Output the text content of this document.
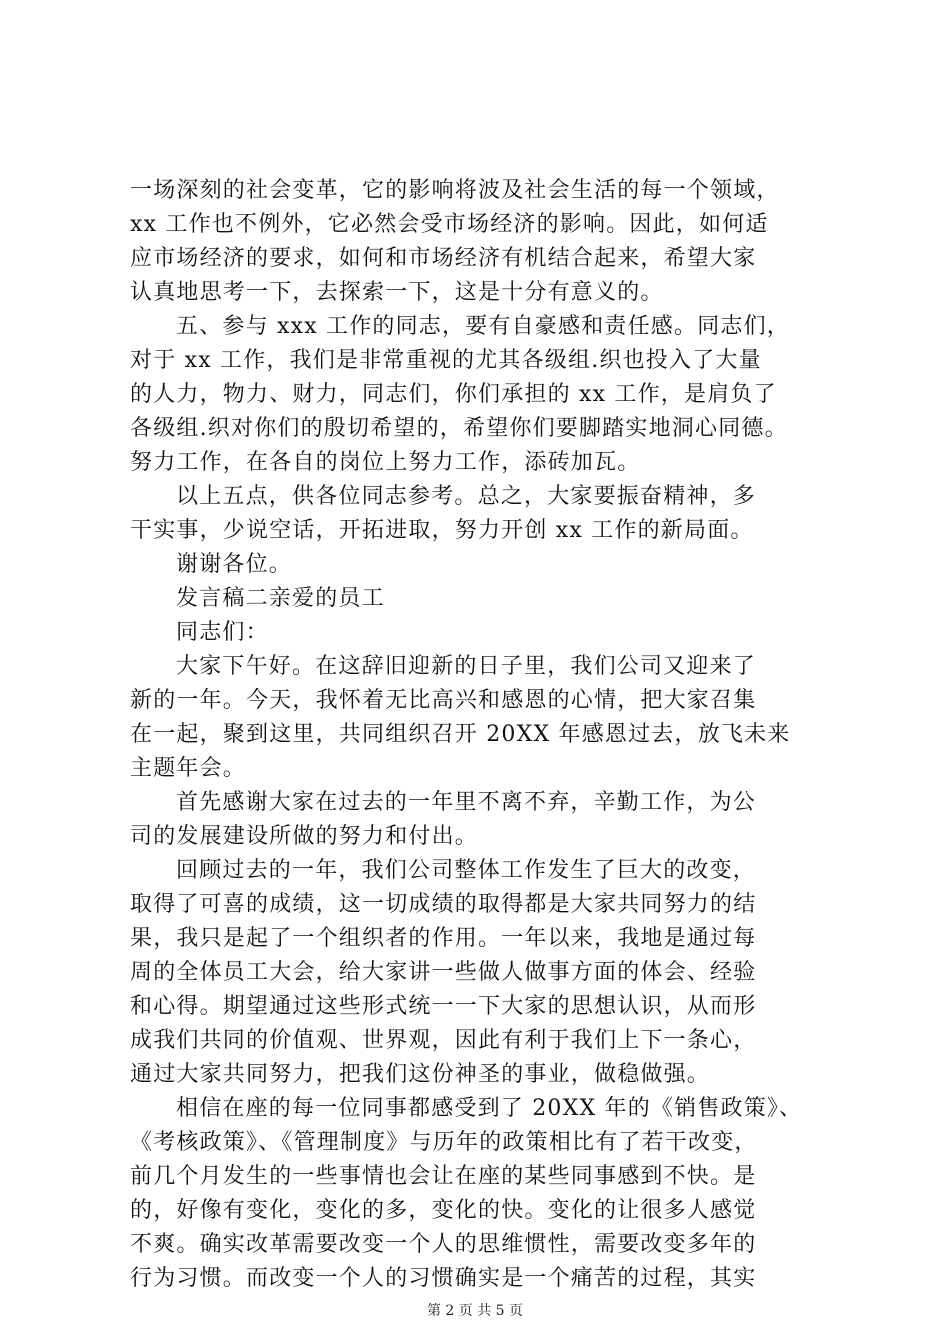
一场深刻的社会变革，它的影响将波及社会生活的每一个领域，
xx 工作也不例外，它必然会受市场经济的影响。因此，如何适
应市场经济的要求，如何和市场经济有机结合起来，希望大家
认真地思考一下，去探索一下，这是十分有意义的。
五、参与 xxx 工作的同志，要有自豪感和责任感。同志们，
对于 xx 工作，我们是非常重视的尤其各级组.织也投入了大量
的人力，物力、财力，同志们，你们承担的 xx 工作，是肩负了
各级组.织对你们的殷切希望的，希望你们要脚踏实地洞心同德。
努力工作，在各自的岗位上努力工作，添砖加瓦。
以上五点，供各位同志参考。总之，大家要振奋精神，多
干实事，少说空话，开拓进取，努力开创 xx 工作的新局面。
谢谢各位。
发言稿二亲爱的员工
同志们：
大家下午好。在这辞旧迎新的日子里，我们公司又迎来了
新的一年。今天，我怀着无比高兴和感恩的心情，把大家召集
在一起，聚到这里，共同组织召开 20XX 年感恩过去，放飞未来
主题年会。
首先感谢大家在过去的一年里不离不弃，辛勤工作，为公
司的发展建设所做的努力和付出。
回顾过去的一年，我们公司整体工作发生了巨大的改变，
取得了可喜的成绩，这一切成绩的取得都是大家共同努力的结
果，我只是起了一个组织者的作用。一年以来，我地是通过每
周的全体员工大会，给大家讲一些做人做事方面的体会、经验
和心得。期望通过这些形式统一一下大家的思想认识，从而形
成我们共同的价值观、世界观，因此有利于我们上下一条心，
通过大家共同努力，把我们这份神圣的事业，做稳做强。
相信在座的每一位同事都感受到了 20XX 年的《销售政策》、
《考核政策》、《管理制度》与历年的政策相比有了若干改变，
前几个月发生的一些事情也会让在座的某些同事感到不快。是
的，好像有变化，变化的多，变化的快。变化的让很多人感觉
不爽。确实改革需要改变一个人的思维惯性，需要改变多年的
行为习惯。而改变一个人的习惯确实是一个痛苦的过程，其实
第 2 页 共 5 页
